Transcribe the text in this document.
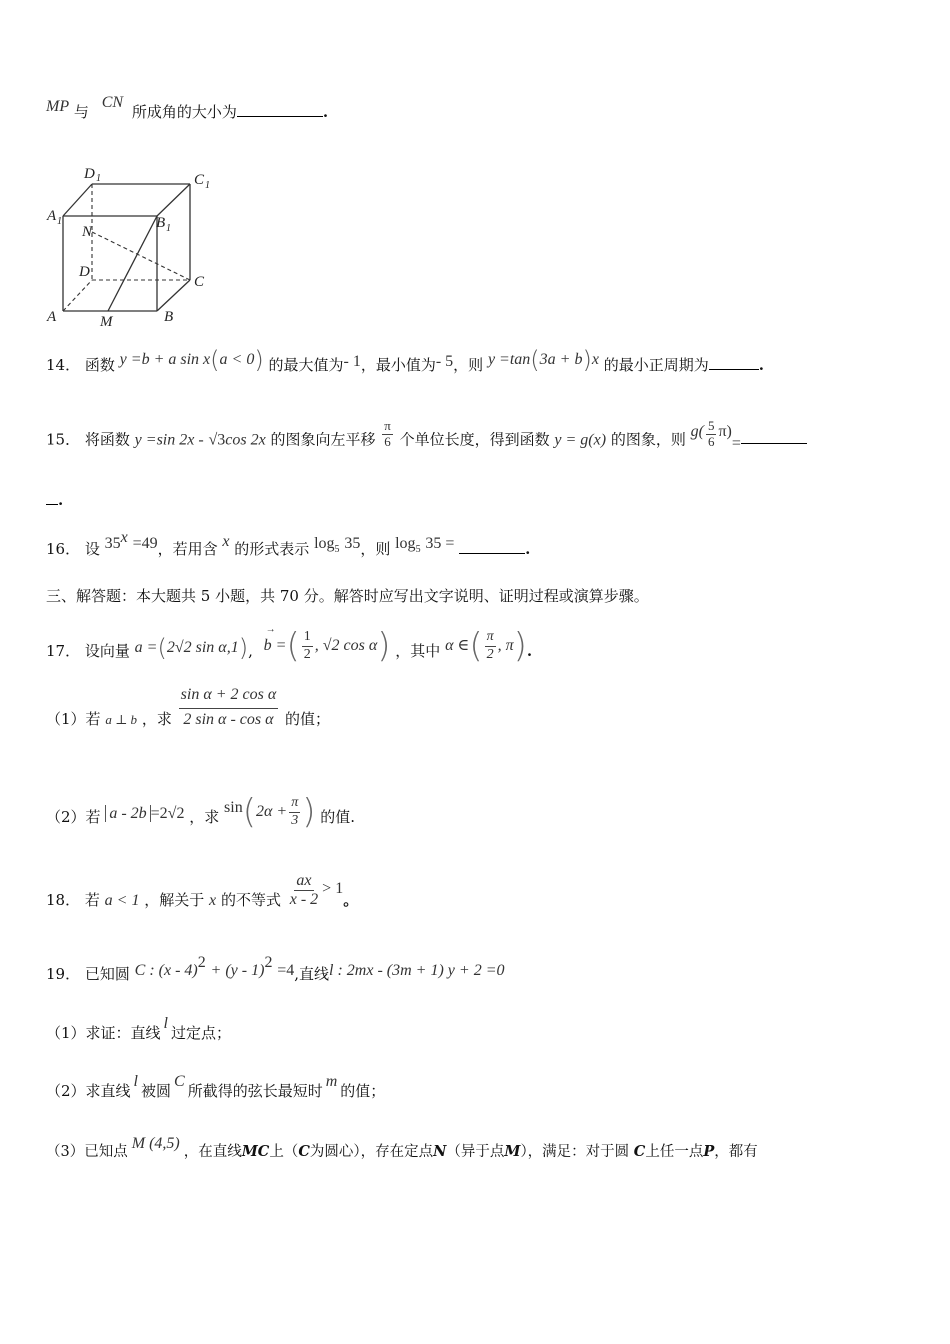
MP 与 CN 所成角的大小为	.
D 1	C 1
A 1	B 1
N
D
C
A	M	B
14． 函数 y =b + a sin x(a < 0) 的最大值为- 1，最小值为- 5，则 y =tan(3a + b)x 的最小正周期为	.
15． 将函数 y =sin 2x - √3cos 2x 的图象向左平移 $\frac{\pi}{6}$ 个单位长度，得到函数 y = g(x) 的图象，则 $g( \frac{5}{6} \pi)=$
.
16． 设 $35^x =49$，若用含 x 的形式表示 $\log_5 35$，则 $\log_5 35$ =	.
三、解答题：本大题共 5 小题，共 70 分。解答时应写出文字说明、证明过程或演算步骤。
17． 设向量 a =(2√2 sin α,1),
→
b =( $\frac{1}{2}$ , √2 cos α) ，其中 α ∈( $\frac{\pi}{2}$ , π).
（1）若 a ⊥ b ，求 $\frac{\text{sin α + 2 cos α}}{\text{2 sin α - cos α}}$ 的值；
（2）若 a - 2b =2√2 ，求 $\sin(2\alpha + \frac{\pi}{3}$ ) 的值.
18． 若 a < 1 ，解关于 x 的不等式 $\frac{ax}{x - 2} > 1$。
19． 已知圆 C : (x - 4)$^2$ + (y - 1)$^2$ =4,直线l : 2mx - (3m + 1) y + 2 =0
（1）求证：直线l过定点；
（2）求直线l被圆C所截得的弦长最短时m的值；
（3）已知点 M (4,5) ，在直线MC上（C为圆心），存在定点N（异于点M），满足：对于圆 C上任一点P，都有
